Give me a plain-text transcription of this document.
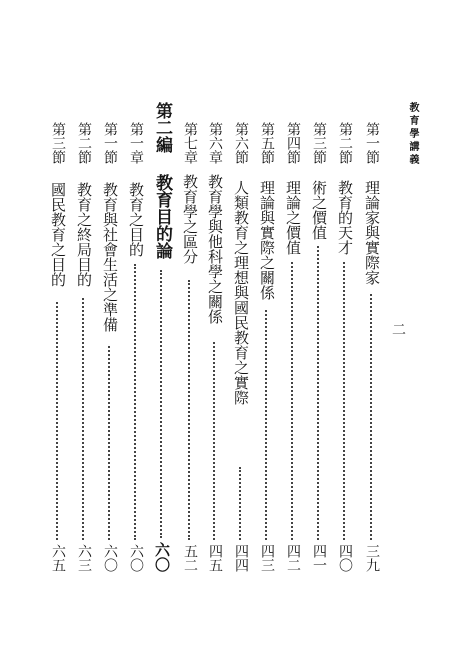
教育學講義
二
第一節
理論家與實際家
三九
第二節
教育的天才
四〇
第三節
術之價值
四一
第四節
理論之價值
四二
第五節
理論與實際之關係
四三
第六節
人類教育之理想與國民教育之實際
四四
第六章
教育學與他科學之關係
四五
第七章
教育學之區分
五二
第二編
教育目的論
六〇
第一章
教育之目的
六〇
第一節
教育與社會生活之準備
六〇
第二節
教育之終局目的
六三
第三節
國民教育之目的
六五
